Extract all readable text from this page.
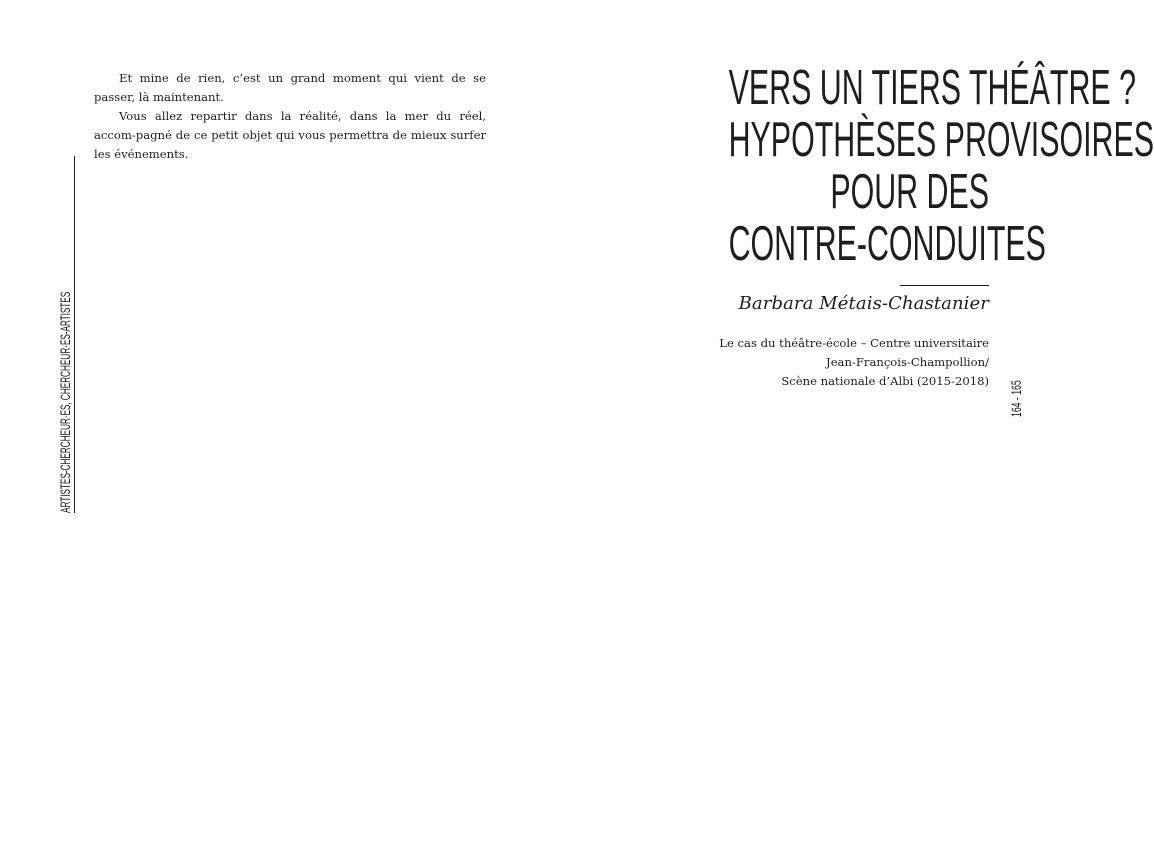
Et mine de rien, c’est un grand moment qui vient de se passer, là maintenant.

Vous allez repartir dans la réalité, dans la mer du réel, accom-pagné de ce petit objet qui vous permettra de mieux surfer les événements.

ARTISTES-CHERCHEUR·ES, CHERCHEUR·ES-ARTISTES
VERS UN TIERS THÉÂTRE ?
HYPOTHÈSES PROVISOIRES
POUR DES
CONTRE-CONDUITES
Barbara Métais-Chastanier
Le cas du théâtre-école – Centre universitaire
Jean-François-Champollion/
Scène nationale d’Albi (2015-2018) 164 - 165
